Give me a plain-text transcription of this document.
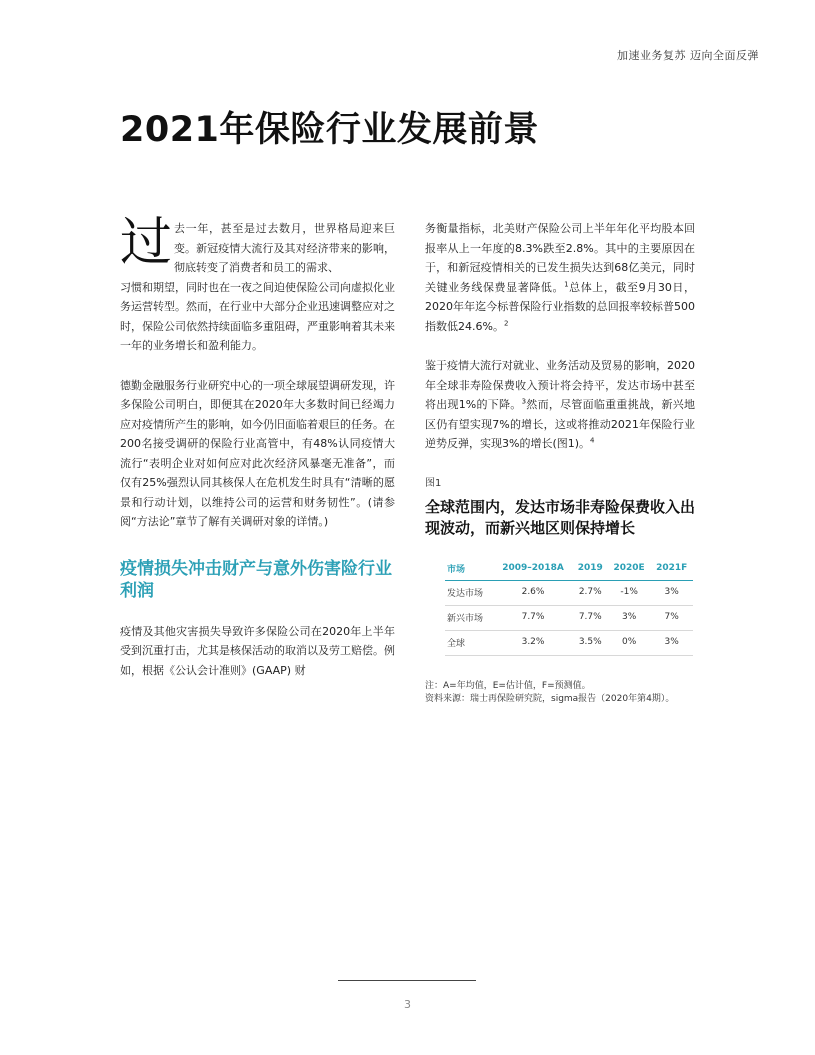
加速业务复苏 迈向全面反弹
2021年保险行业发展前景
过 去一年，甚至是过去数月，世界格局迎来巨变。新冠疫情大流行及其对经济带来的影响，彻底转变了消费者和员工的需求、
习惯和期望，同时也在一夜之间迫使保险公司向虚拟化业务运营转型。然而，在行业中大部分企业迅速调整应对之时，保险公司依然持续面临多重阻碍，严重影响着其未来一年的业务增长和盈利能力。

德勤金融服务行业研究中心的一项全球展望调研发现，许多保险公司明白，即便其在2020年大多数时间已经竭力应对疫情所产生的影响，如今仍旧面临着艰巨的任务。在200名接受调研的保险行业高管中，有48%认同疫情大流行“表明企业对如何应对此次经济风暴毫无准备”，而仅有25%强烈认同其核保人在危机发生时具有“清晰的愿景和行动计划，以维持公司的运营和财务韧性”。(请参阅“方法论”章节了解有关调研对象的详情。)

疫情损失冲击财产与意外伤害险行业利润

疫情及其他灾害损失导致许多保险公司在2020年上半年受到沉重打击，尤其是核保活动的取消以及劳工赔偿。例如，根据《公认会计准则》(GAAP) 财

务衡量指标，北美财产保险公司上半年年化平均股本回报率从上一年度的8.3%跌至2.8%。其中的主要原因在于，和新冠疫情相关的已发生损失达到68亿美元，同时关键业务线保费显著降低。$^1$总体上，截至9月30日，2020年年迄今标普保险行业指数的总回报率较标普500指数低24.6%。$^2$

鉴于疫情大流行对就业、业务活动及贸易的影响，2020年全球非寿险保费收入预计将会持平，发达市场中甚至将出现1%的下降。$^3$然而，尽管面临重重挑战，新兴地区仍有望实现7%的增长，这或将推动2021年保险行业逆势反弹，实现3%的增长(图1)。$^4$

图1
全球范围内，发达市场非寿险保费收入出现波动，而新兴地区则保持增长
市场	2009–2018A	2019	2020E	2021F
发达市场	2.6%	2.7%	-1%	3%
新兴市场	7.7%	7.7%	3%	7%
全球	3.2%	3.5%	0%	3%
注：A=年均值，E=估计值，F=预测值。
资料来源：瑞士再保险研究院，sigma报告（2020年第4期）。
3
